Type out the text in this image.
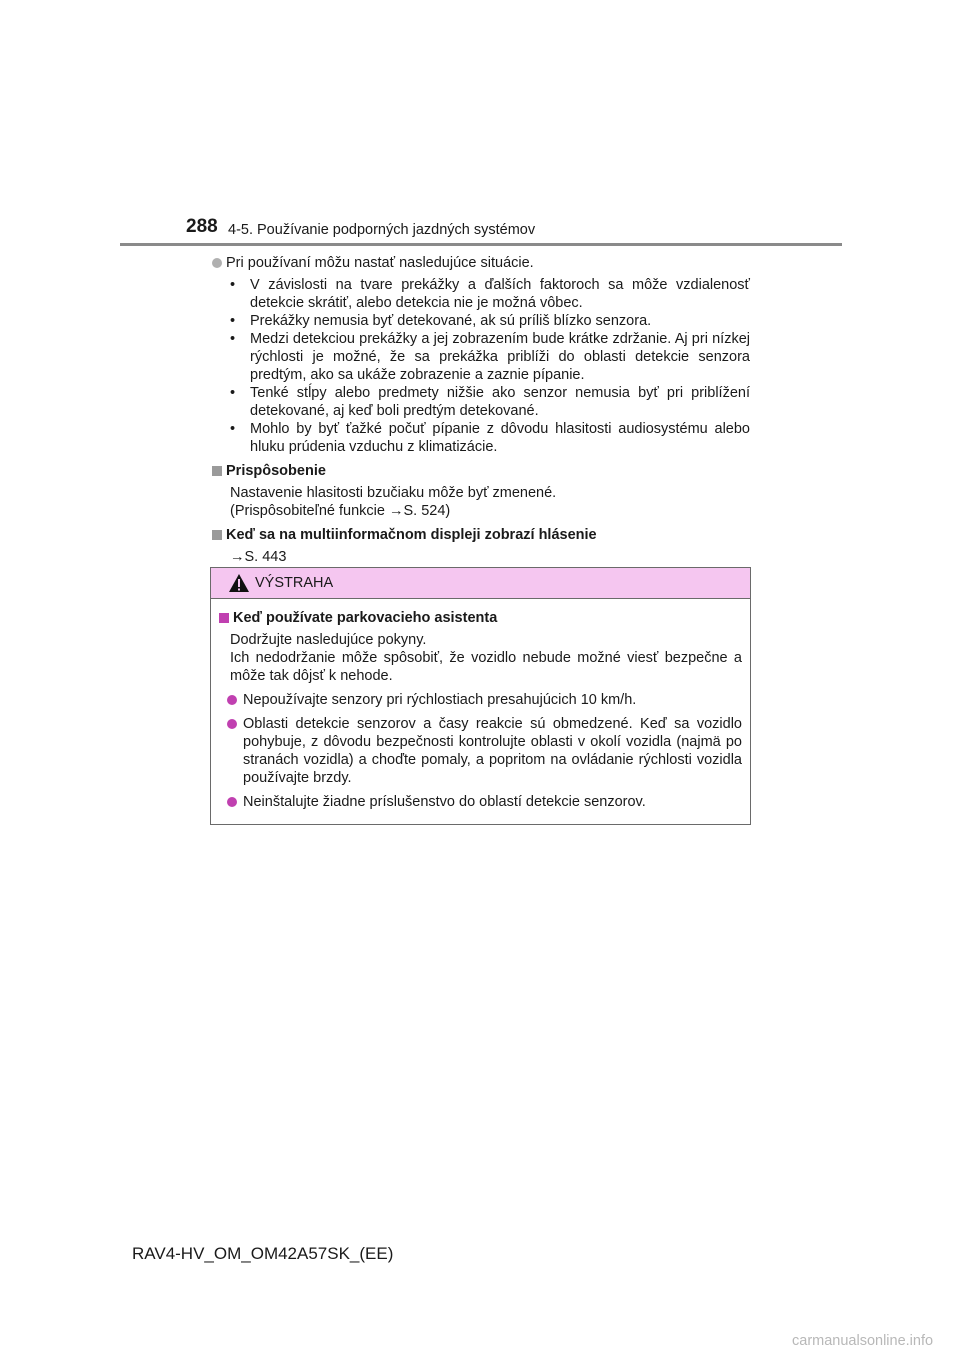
288 4-5. Používanie podporných jazdných systémov
Pri používaní môžu nastať nasledujúce situácie.
• V závislosti na tvare prekážky a ďalších faktoroch sa môže vzdialenosť detekcie skrátiť, alebo detekcia nie je možná vôbec.
• Prekážky nemusia byť detekované, ak sú príliš blízko senzora.
• Medzi detekciou prekážky a jej zobrazením bude krátke zdržanie. Aj pri nízkej rýchlosti je možné, že sa prekážka priblíži do oblasti detekcie senzora predtým, ako sa ukáže zobrazenie a zaznie pípanie.
• Tenké stĺpy alebo predmety nižšie ako senzor nemusia byť pri priblížení detekované, aj keď boli predtým detekované.
• Mohlo by byť ťažké počuť pípanie z dôvodu hlasitosti audiosystému alebo hluku prúdenia vzduchu z klimatizácie.
Prispôsobenie
Nastavenie hlasitosti bzučiaku môže byť zmenené.
(Prispôsobiteľné funkcie →S. 524)
Keď sa na multiinformačnom displeji zobrazí hlásenie
→S. 443
VÝSTRAHA
Keď používate parkovacieho asistenta
Dodržujte nasledujúce pokyny.
Ich nedodržanie môže spôsobiť, že vozidlo nebude možné viesť bezpečne a môže tak dôjsť k nehode.
Nepoužívajte senzory pri rýchlostiach presahujúcich 10 km/h.
Oblasti detekcie senzorov a časy reakcie sú obmedzené. Keď sa vozidlo pohybuje, z dôvodu bezpečnosti kontrolujte oblasti v okolí vozidla (najmä po stranách vozidla) a choďte pomaly, a popritom na ovládanie rýchlosti vozidla používajte brzdy.
Neinštalujte žiadne príslušenstvo do oblastí detekcie senzorov.
RAV4-HV_OM_OM42A57SK_(EE)
carmanualsonline.info
